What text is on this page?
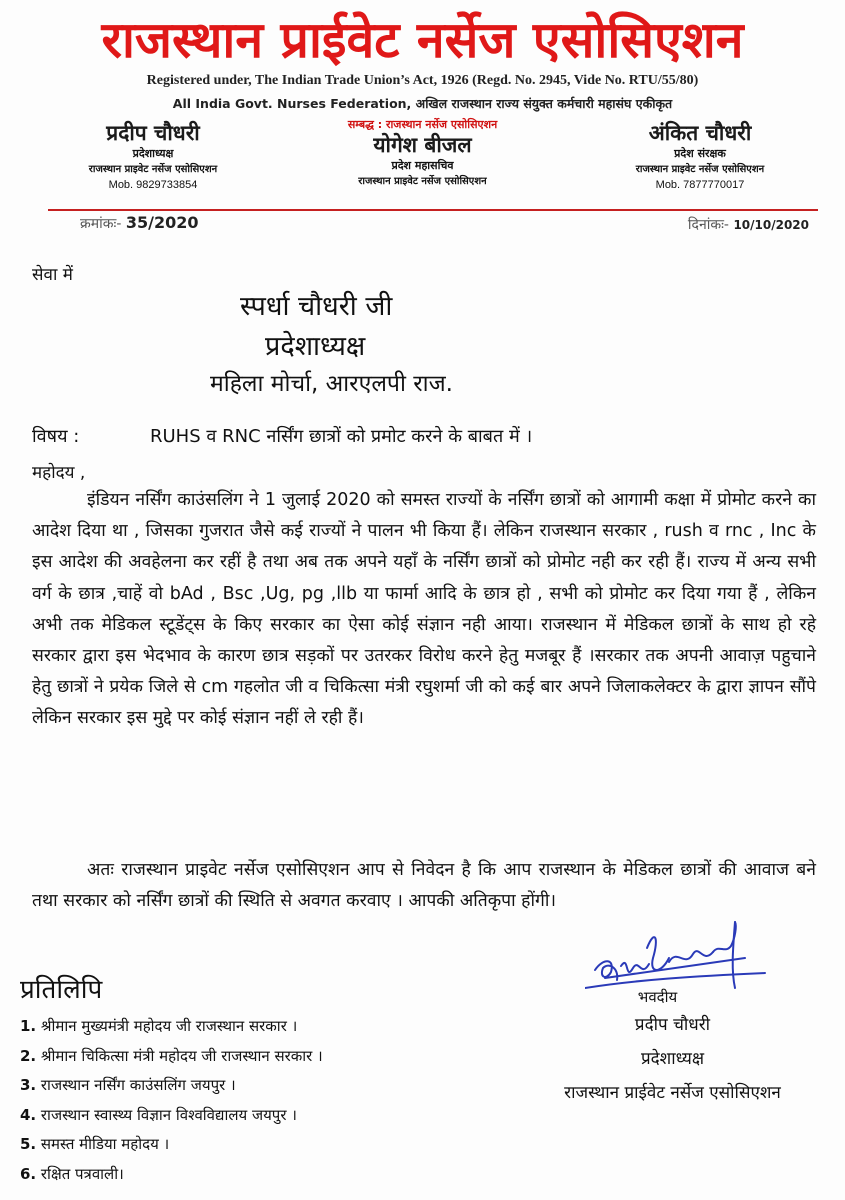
राजस्थान प्राईवेट नर्सेज एसोसिएशन
Registered under, The Indian Trade Union’s Act, 1926 (Regd. No. 2945, Vide No. RTU/55/80)
All India Govt. Nurses Federation, अखिल राजस्थान राज्य संयुक्त कर्मचारी महासंघ एकीकृत
प्रदीप चौधरी
प्रदेशाध्यक्ष
राजस्थान प्राइवेट नर्सेज एसोसिएशन
Mob. 9829733854
सम्बद्ध : राजस्थान नर्सेज एसोसिएशन
योगेश बीजल
प्रदेश महासचिव
राजस्थान प्राइवेट नर्सेज एसोसिएशन
अंकित चौधरी
प्रदेश संरक्षक
राजस्थान प्राइवेट नर्सेज एसोसिएशन
Mob. 7877770017
क्रमांकः- 35/2020	दिनांकः- 10/10/2020
सेवा में
स्पर्धा चौधरी जी
प्रदेशाध्यक्ष
महिला मोर्चा, आरएलपी राज.
विषय :	RUHS व RNC नर्सिंग छात्रों को प्रमोट करने के बाबत में ।
महोदय ,

इंडियन नर्सिंग काउंसलिंग ने 1 जुलाई 2020 को समस्त राज्यों के नर्सिंग छात्रों को आगामी कक्षा में प्रोमोट करने का आदेश दिया था , जिसका गुजरात जैसे कई राज्यों ने पालन भी किया हैं। लेकिन राजस्थान सरकार , rush व rnc , Inc के इस आदेश की अवहेलना कर रहीं है तथा अब तक अपने यहाँ के नर्सिंग छात्रों को प्रोमोट नही कर रही हैं। राज्य में अन्य सभी वर्ग के छात्र ,चाहें वो bAd , Bsc ,Ug, pg ,llb या फार्मा आदि के छात्र हो , सभी को प्रोमोट कर दिया गया हैं , लेकिन अभी तक मेडिकल स्टूडेंट्स के किए सरकार का ऐसा कोई संज्ञान नही आया। राजस्थान में मेडिकल छात्रों के साथ हो रहे सरकार द्वारा इस भेदभाव के कारण छात्र सड़कों पर उतरकर विरोध करने हेतु मजबूर हैं ।सरकार तक अपनी आवाज़ पहुचाने हेतु छात्रों ने प्रयेक जिले से cm गहलोत जी व चिकित्सा मंत्री रघुशर्मा जी को कई बार अपने जिलाकलेक्टर के द्वारा ज्ञापन सौंपे लेकिन सरकार इस मुद्दे पर कोई संज्ञान नहीं ले रही हैं।

अतः राजस्थान प्राइवेट नर्सेज एसोसिएशन आप से निवेदन है कि आप राजस्थान के मेडिकल छात्रों की आवाज बने तथा सरकार को नर्सिंग छात्रों की स्थिति से अवगत करवाए । आपकी अतिकृपा होंगी।

प्रतिलिपि
1. श्रीमान मुख्यमंत्री महोदय जी राजस्थान सरकार ।
2. श्रीमान चिकित्सा मंत्री महोदय जी राजस्थान सरकार ।
3. राजस्थान नर्सिंग काउंसलिंग जयपुर ।
4. राजस्थान स्वास्थ्य विज्ञान विश्वविद्यालय जयपुर ।
5. समस्त मीडिया महोदय ।
6. रक्षित पत्रवाली।
भवदीय
प्रदीप चौधरी
प्रदेशाध्यक्ष
राजस्थान प्राईवेट नर्सेज एसोसिएशन
